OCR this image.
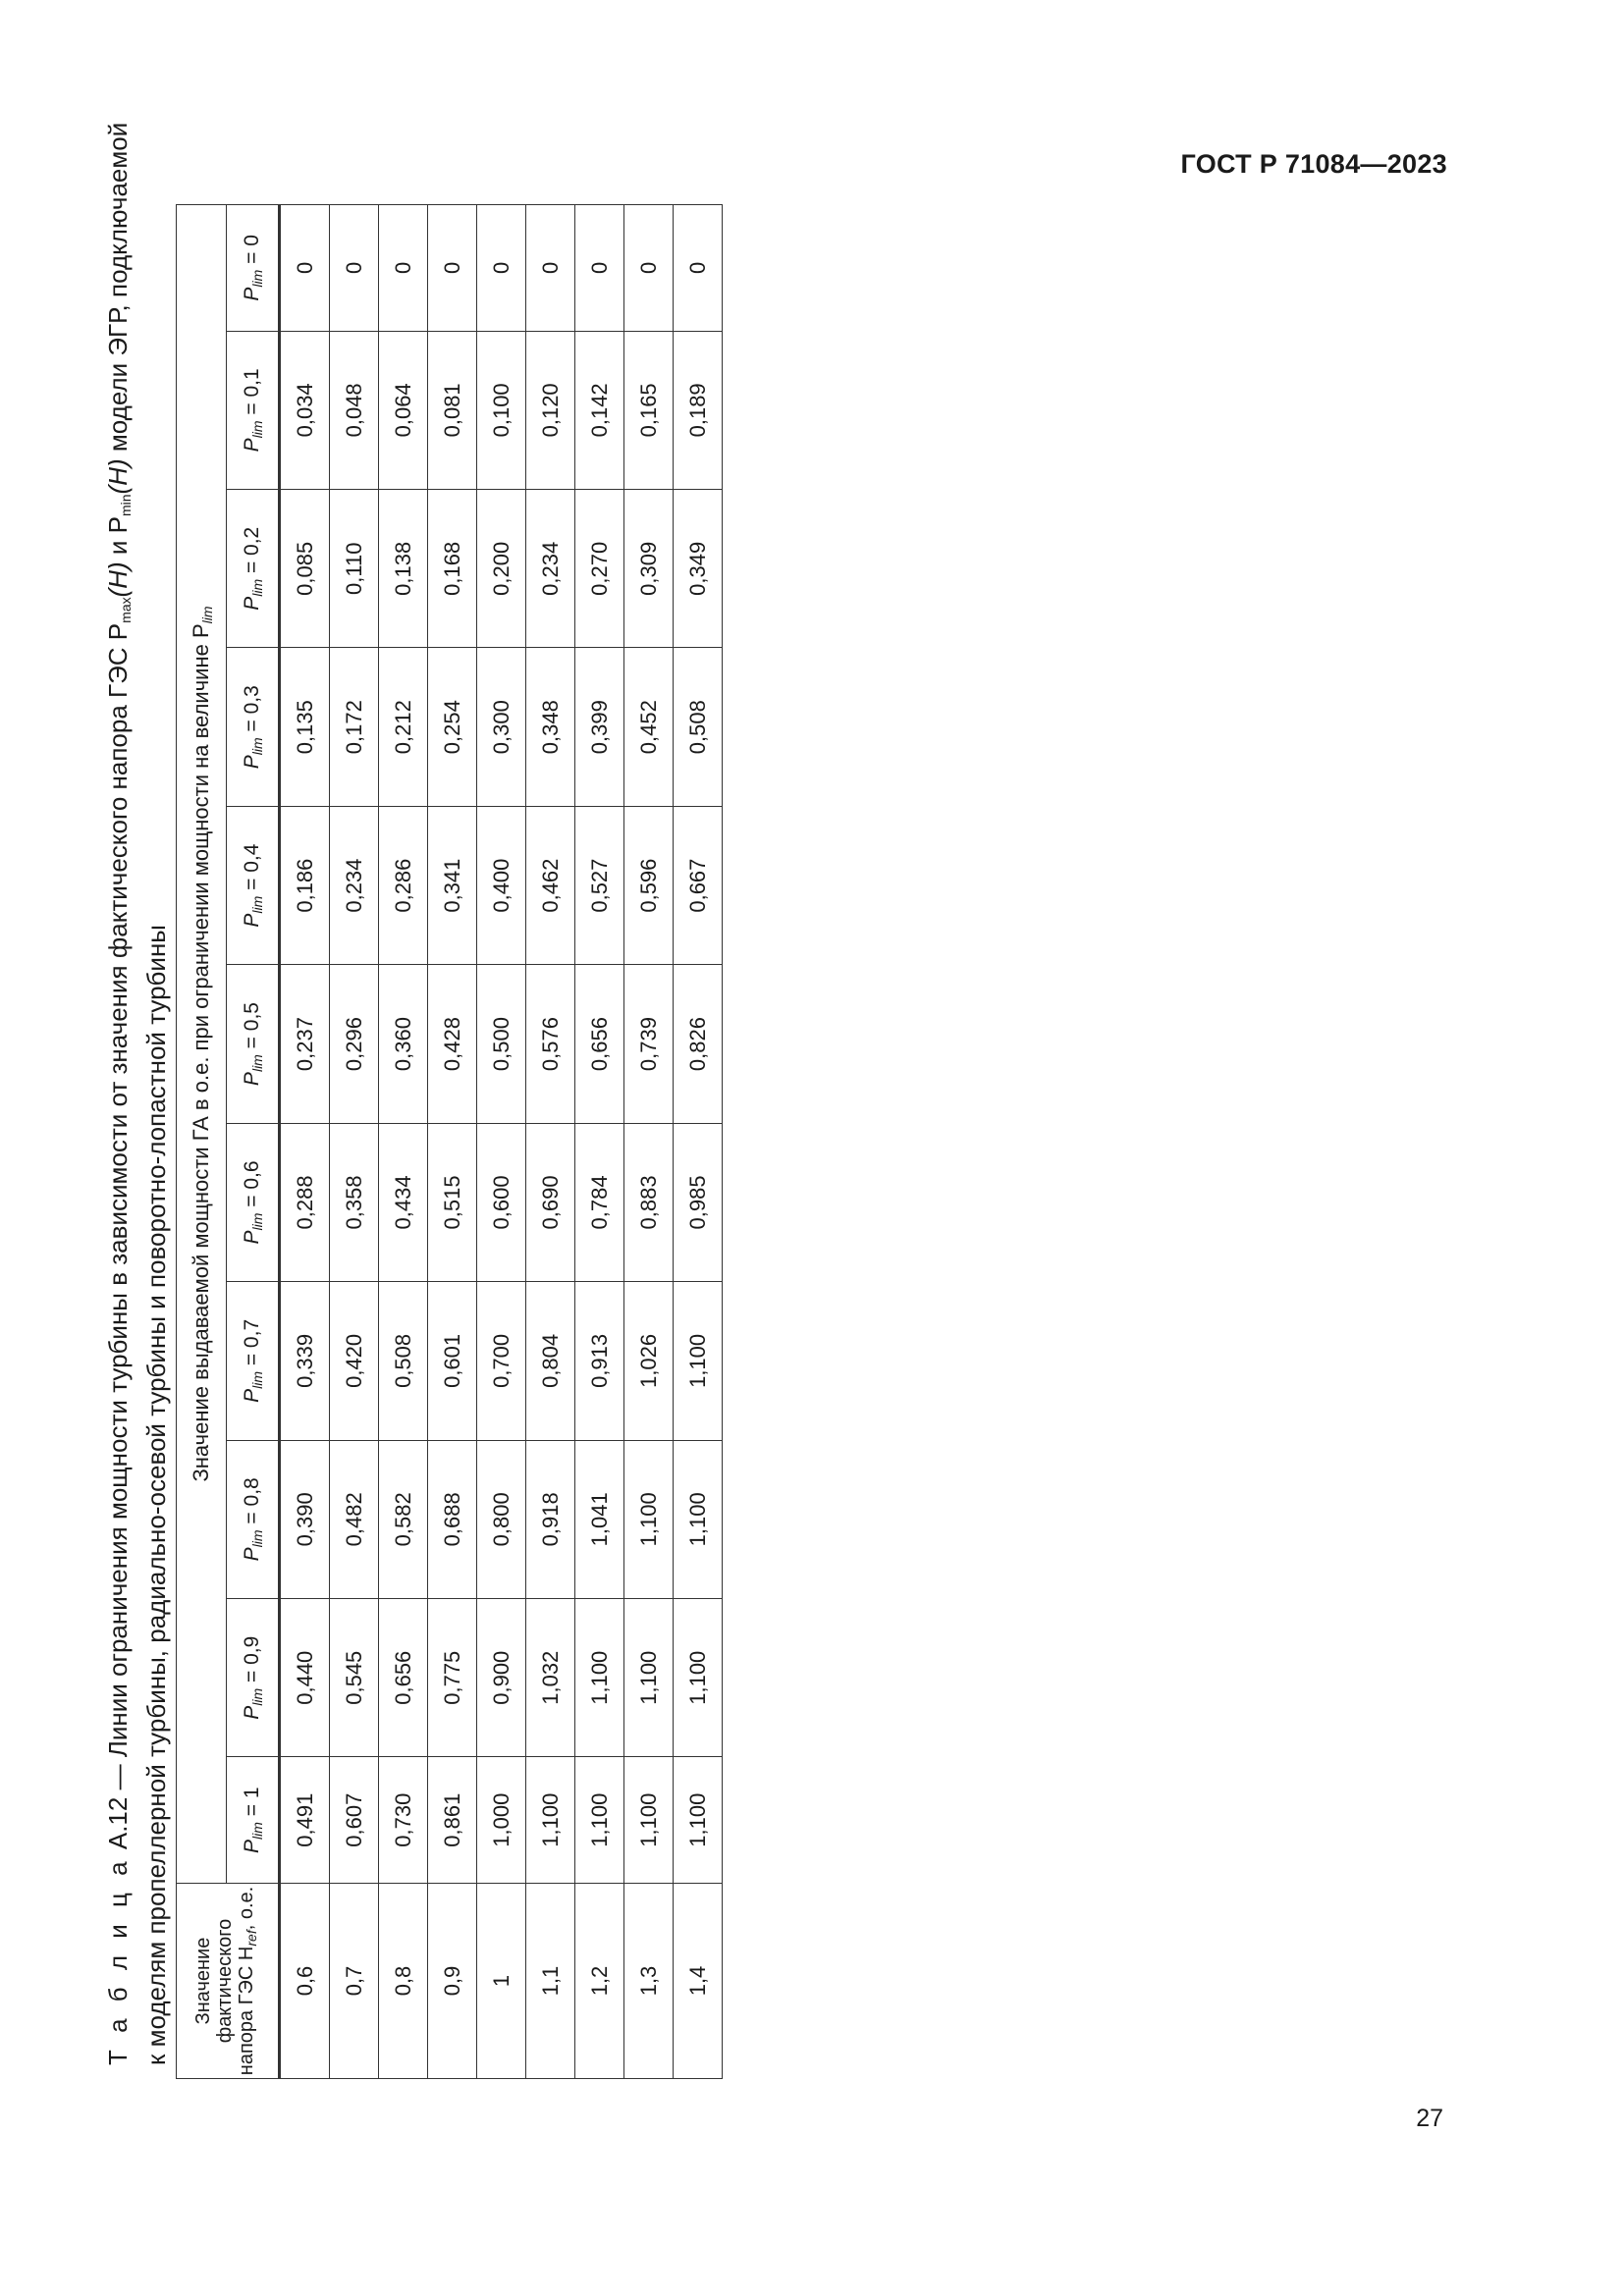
ГОСТ Р 71084—2023

Т а б л и ц а А.12 — Линии ограничения мощности турбины в зависимости от значения фактического напора ГЭС $P_{max}(H)$ и $P_{min}(H)$ модели ЭГР, подключаемой
к моделям пропеллерной турбины, радиально-осевой турбины и поворотно-лопастной турбины Значение
фактического
напора ГЭС $H_{ref}$, о.е.	Значение выдаваемой мощности ГА в о.е. при ограничении мощности на величине $P_{lim}$
	$P_{lim} = 1$	$P_{lim} = 0,9$	$P_{lim} = 0,8$	$P_{lim} = 0,7$	$P_{lim} = 0,6$	$P_{lim} = 0,5$	$P_{lim} = 0,4$	$P_{lim} = 0,3$	$P_{lim} = 0,2$	$P_{lim} = 0,1$	$P_{lim} = 0$
0,6	0,491	0,440	0,390	0,339	0,288	0,237	0,186	0,135	0,085	0,034	0
0,7	0,607	0,545	0,482	0,420	0,358	0,296	0,234	0,172	0,110	0,048	0
0,8	0,730	0,656	0,582	0,508	0,434	0,360	0,286	0,212	0,138	0,064	0
0,9	0,861	0,775	0,688	0,601	0,515	0,428	0,341	0,254	0,168	0,081	0
1	1,000	0,900	0,800	0,700	0,600	0,500	0,400	0,300	0,200	0,100	0
1,1	1,100	1,032	0,918	0,804	0,690	0,576	0,462	0,348	0,234	0,120	0
1,2	1,100	1,100	1,041	0,913	0,784	0,656	0,527	0,399	0,270	0,142	0
1,3	1,100	1,100	1,100	1,026	0,883	0,739	0,596	0,452	0,309	0,165	0
1,4	1,100	1,100	1,100	1,100	0,985	0,826	0,667	0,508	0,349	0,189	0
27
